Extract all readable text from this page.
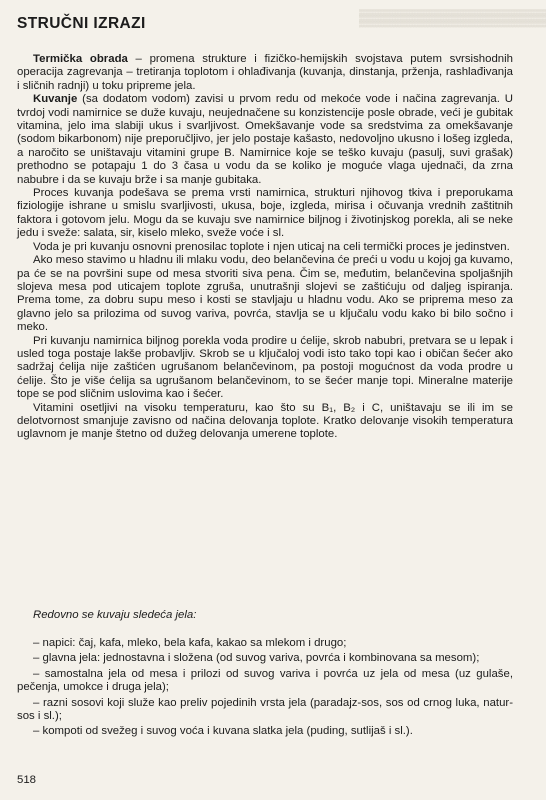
▒▒▒▒▒▒▒▒▒▒▒▒▒▒▒▒▒▒▒▒▒▒▒▒▒▒▒▒▒▒▒▒▒▒▒▒▒▒▒▒▒▒▒▒
▒▒▒▒▒▒▒▒▒▒▒▒▒▒▒▒▒▒▒▒▒▒▒▒▒▒▒▒▒▒▒▒▒▒▒▒▒▒▒▒▒▒▒▒
▒▒▒▒▒▒▒▒▒▒▒▒▒▒▒▒▒▒▒▒▒▒▒▒▒▒▒▒▒▒▒▒▒▒▒▒▒▒▒▒▒▒▒▒
STRUČNI IZRAZI

Termička obrada – promena strukture i fizičko-hemijskih svojstava putem svrsishodnih operacija zagrevanja – tretiranja toplotom i ohlađivanja (kuvanja, dinstanja, prženja, rashlađivanja i sličnih radnji) u toku pripreme jela.

Kuvanje (sa dodatom vodom) zavisi u prvom redu od mekoće vode i načina zagrevanja. U tvrdoj vodi namirnice se duže kuvaju, neujednačene su konzistencije posle obrade, veći je gubitak vitamina, jelo ima slabiji ukus i svarljivost. Omekšavanje vode sa sredstvima za omekšavanje (sodom bikarbonom) nije preporučljivo, jer jelo postaje kašasto, nedovoljno ukusno i lošeg izgleda, a naročito se uništavaju vitamini grupe B. Namirnice koje se teško kuvaju (pasulj, suvi grašak) prethodno se potapaju 1 do 3 časa u vodu da se koliko je moguće vlaga ujednači, da zrna nabubre i da se kuvaju brže i sa manje gubitaka.

Proces kuvanja podešava se prema vrsti namirnica, strukturi njihovog tkiva i preporukama fiziologije ishrane u smislu svarljivosti, ukusa, boje, izgleda, mirisa i očuvanja vrednih zaštitnih faktora i gotovom jelu. Mogu da se kuvaju sve namirnice biljnog i životinjskog porekla, ali se neke jedu i sveže: salata, sir, kiselo mleko, sveže voće i sl.

Voda je pri kuvanju osnovni prenosilac toplote i njen uticaj na celi termički proces je jedinstven.

Ako meso stavimo u hladnu ili mlaku vodu, deo belančevina će preći u vodu u kojoj ga kuvamo, pa će se na površini supe od mesa stvoriti siva pena. Čim se, međutim, belančevina spoljašnjih slojeva mesa pod uticajem toplote zgruša, unutrašnji slojevi se zaštićuju od daljeg ispiranja. Prema tome, za dobru supu meso i kosti se stavljaju u hladnu vodu. Ako se priprema meso za glavno jelo sa prilozima od suvog variva, povrća, stavlja se u ključalu vodu kako bi bilo sočno i meko.

Pri kuvanju namirnica biljnog porekla voda prodire u ćelije, skrob nabubri, pretvara se u lepak i usled toga postaje lakše probavljiv. Skrob se u ključaloj vodi isto tako topi kao i običan šećer ako sadržaj ćelija nije zaštićen ugrušanom belančevinom, pa postoji mogućnost da voda prodre u ćelije. Što je više ćelija sa ugrušanom belančevinom, to se šećer manje topi. Mineralne materije tope se pod sličnim uslovima kao i šećer.

Vitamini osetljivi na visoku temperaturu, kao što su B₁, B₂ i C, uništavaju se ili im se delotvornost smanjuje zavisno od načina delovanja toplote. Kratko delovanje visokih temperatura uglavnom je manje štetno od dužeg delovanja umerene toplote.

Redovno se kuvaju sledeća jela:

– napici: čaj, kafa, mleko, bela kafa, kakao sa mlekom i drugo;
– glavna jela: jednostavna i složena (od suvog variva, povrća i kombinovana sa mesom);
– samostalna jela od mesa i prilozi od suvog variva i povrća uz jela od mesa (uz gulaše, pečenja, umokce i druga jela);
– razni sosovi koji služe kao preliv pojedinih vrsta jela (paradajz-sos, sos od crnog luka, natur-sos i sl.);
– kompoti od svežeg i suvog voća i kuvana slatka jela (puding, sutlijaš i sl.).

518
